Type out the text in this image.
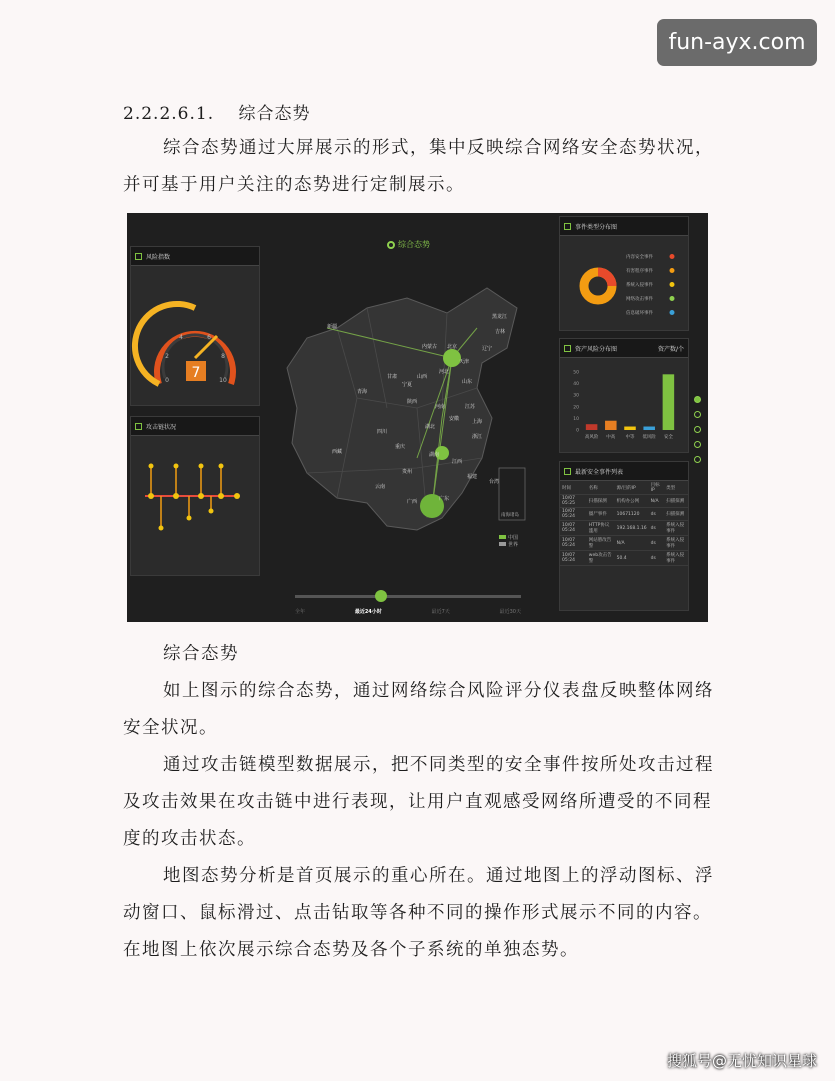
fun-ayx.com
2.2.2.6.1. 综合态势
综合态势通过大屏展示的形式，集中反映综合网络安全态势状况，
并可基于用户关注的态势进行定制展示。
风险指数
7
0
2
4	6
8
10
攻击链状况
综合态势
新疆
西藏
青海
甘肃
内蒙古
黑龙江
吉林
辽宁
北京
天津
山西
河北
山东
宁夏
陕西
河南	江苏
安徽	上海
四川
湖北
浙江
重庆
湖南
江西
福建
贵州
云南
广西	广东
台湾
南海诸岛
中国
世界
全年	最近24小时	最近7天	最近30天
事件类型分布图
内容安全事件
有害程序事件
系统入侵事件
网络攻击事件
信息破坏事件
资产风险分布图	资产数/个
50
40
30
20
10
0
高风险 中高 中等 低风险 安全
最新安全事件列表
时间	名称	源/目的IP	目标IP	类型
10/07 05:25	扫描探测	机构办公网	N/A	扫描探测
10/07 05:24	僵尸事件	10671120	ds	扫描探测
10/07 05:24	HTTP协议滥用	192.168.1.16	ds	系统入侵事件
10/07 05:24	网站篡改告警	N/A	ds	系统入侵事件
10/07 05:24	web攻击告警	50.4	ds	系统入侵事件
综合态势
如上图示的综合态势，通过网络综合风险评分仪表盘反映整体网络
安全状况。
通过攻击链模型数据展示，把不同类型的安全事件按所处攻击过程
及攻击效果在攻击链中进行表现，让用户直观感受网络所遭受的不同程
度的攻击状态。
地图态势分析是首页展示的重心所在。通过地图上的浮动图标、浮
动窗口、鼠标滑过、点击钻取等各种不同的操作形式展示不同的内容。
在地图上依次展示综合态势及各个子系统的单独态势。
搜狐号@无忧知识星球
